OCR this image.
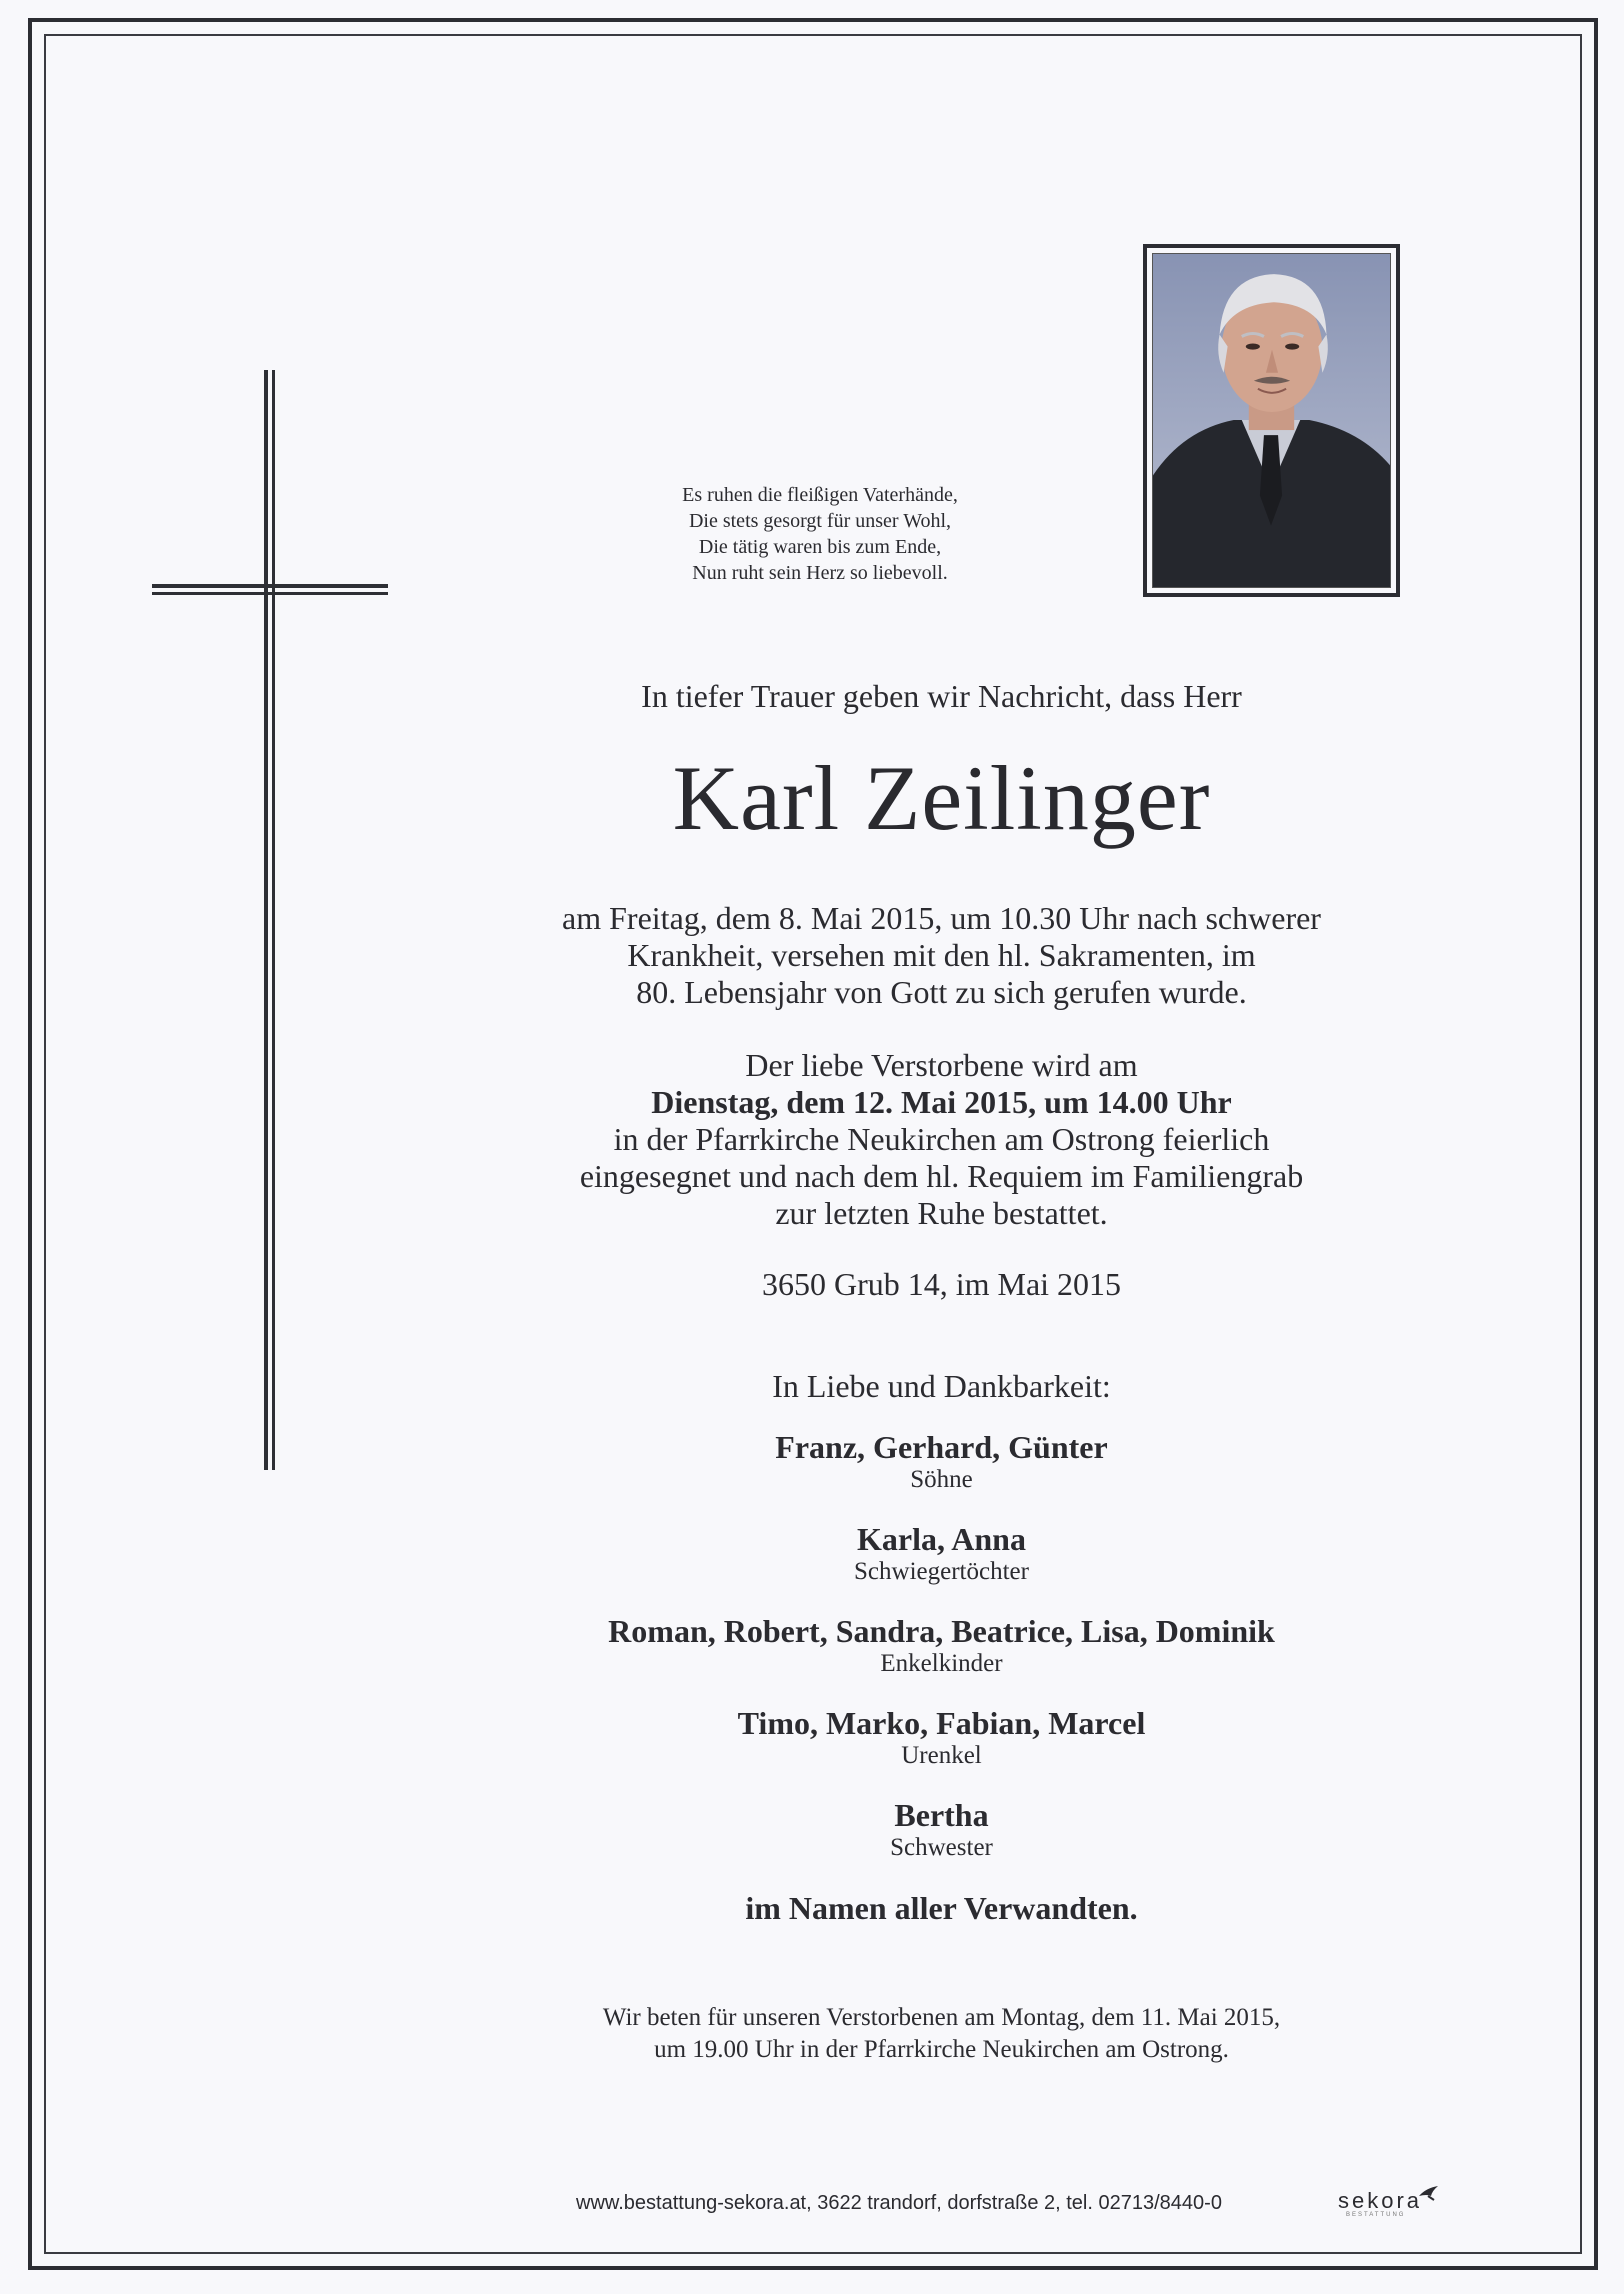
Es ruhen die fleißigen Vaterhände,
Die stets gesorgt für unser Wohl,
Die tätig waren bis zum Ende,
Nun ruht sein Herz so liebevoll.
In tiefer Trauer geben wir Nachricht, dass Herr
Karl Zeilinger
am Freitag, dem 8. Mai 2015, um 10.30 Uhr nach schwerer
Krankheit, versehen mit den hl. Sakramenten, im
80. Lebensjahr von Gott zu sich gerufen wurde.
Der liebe Verstorbene wird am
Dienstag, dem 12. Mai 2015, um 14.00 Uhr
in der Pfarrkirche Neukirchen am Ostrong feierlich
eingesegnet und nach dem hl. Requiem im Familiengrab
zur letzten Ruhe bestattet.
3650 Grub 14, im Mai 2015
In Liebe und Dankbarkeit:
Franz, Gerhard, Günter
Söhne
Karla, Anna
Schwiegertöchter
Roman, Robert, Sandra, Beatrice, Lisa, Dominik
Enkelkinder
Timo, Marko, Fabian, Marcel
Urenkel
Bertha
Schwester
im Namen aller Verwandten.
Wir beten für unseren Verstorbenen am Montag, dem 11. Mai 2015,
um 19.00 Uhr in der Pfarrkirche Neukirchen am Ostrong.
www.bestattung-sekora.at, 3622 trandorf, dorfstraße 2, tel. 02713/8440-0	sekora
BESTATTUNG
